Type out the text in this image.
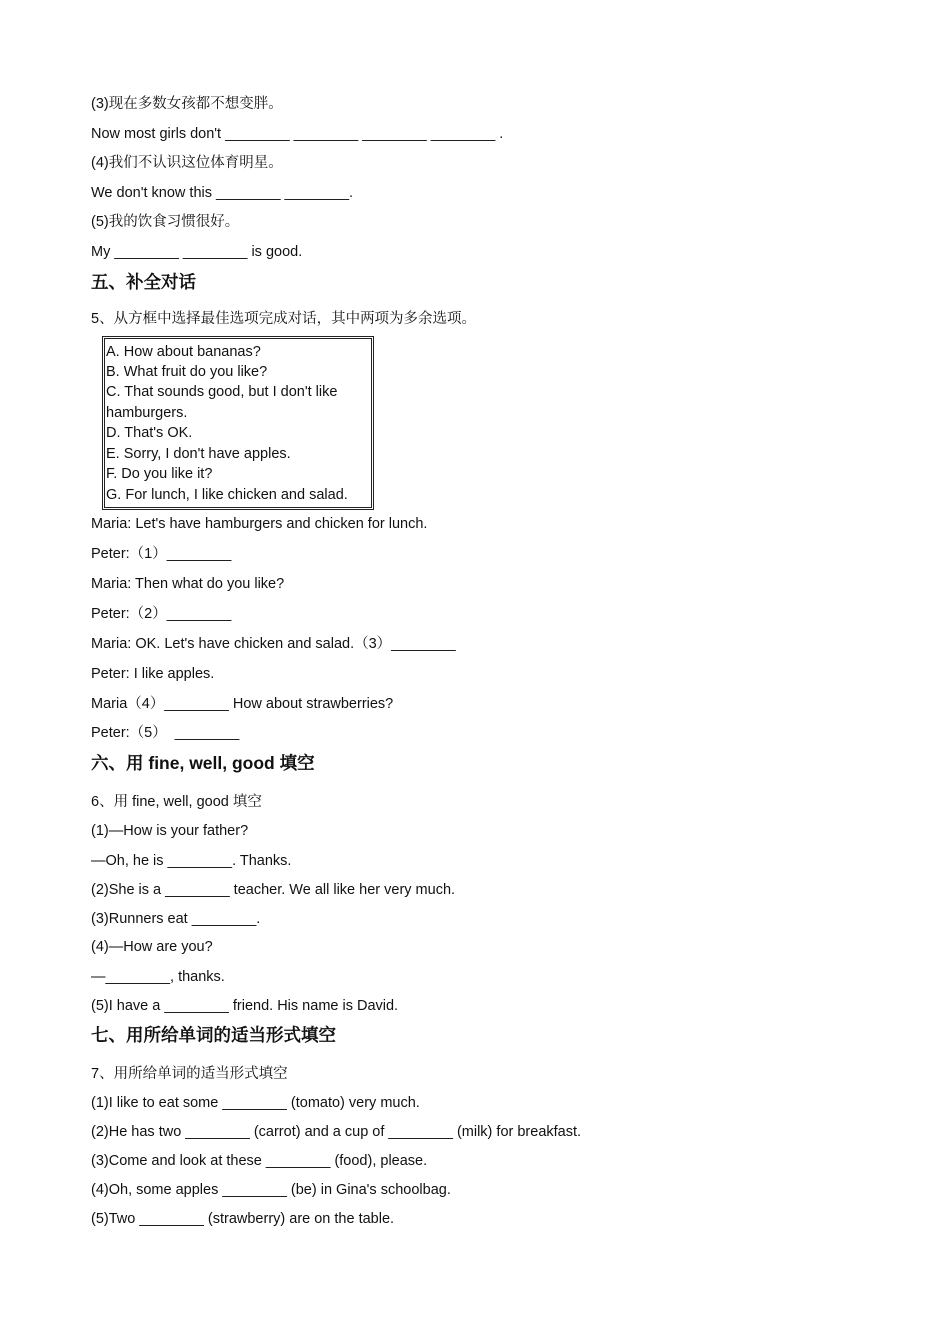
(3)现在多数女孩都不想变胖。
Now most girls don't ________ ________ ________ ________ .
(4)我们不认识这位体育明星。
We don't know this ________ ________.
(5)我的饮食习惯很好。
My ________ ________ is good.
五、补全对话
5、从方框中选择最佳选项完成对话，其中两项为多余选项。
A. How about bananas?
B. What fruit do you like?
C. That sounds good, but I don't like
hamburgers.
D. That's OK.
E. Sorry, I don't have apples.
F. Do you like it?
G. For lunch, I like chicken and salad.
Maria: Let's have hamburgers and chicken for lunch.
Peter:（1）________
Maria: Then what do you like?
Peter:（2）________
Maria: OK. Let's have chicken and salad.（3）________
Peter: I like apples.
Maria（4）________ How about strawberries?
Peter:（5）  ________
六、用 fine, well, good 填空
6、用 fine, well, good 填空
(1)—How is your father?
—Oh, he is ________. Thanks.
(2)She is a ________ teacher. We all like her very much.
(3)Runners eat ________.
(4)—How are you?
—________, thanks.
(5)I have a ________ friend. His name is David.
七、用所给单词的适当形式填空
7、用所给单词的适当形式填空
(1)I like to eat some ________ (tomato) very much.
(2)He has two ________ (carrot) and a cup of ________ (milk) for breakfast.
(3)Come and look at these ________ (food), please.
(4)Oh, some apples ________ (be) in Gina's schoolbag.
(5)Two ________ (strawberry) are on the table.
